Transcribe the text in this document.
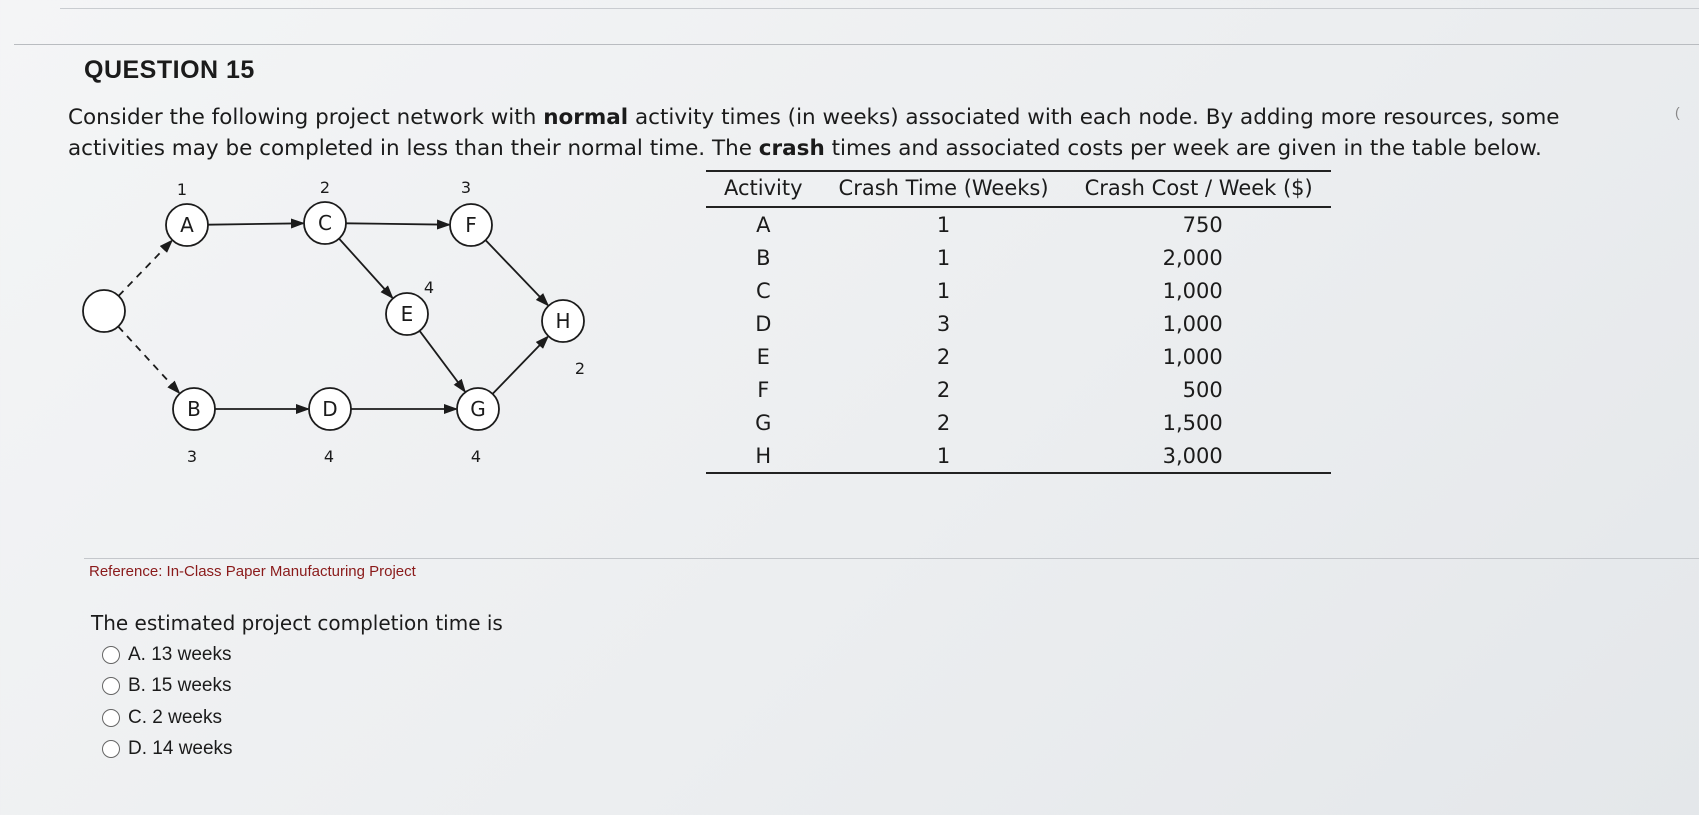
QUESTION 15
Consider the following project network with normal activity times (in weeks) associated with each node. By adding more resources, some activities may be completed in less than their normal time. The crash times and associated costs per week are given in the table below.
(
A
1
B
3
C
2
D
4
E
4
F
3
G
4
H
2
Activity	Crash Time (Weeks)	Crash Cost / Week ($)
A	1	750
B	1	2,000
C	1	1,000
D	3	1,000
E	2	1,000
F	2	500
G	2	1,500
H	1	3,000
Reference: In-Class Paper Manufacturing Project
The estimated project completion time is
A. 13 weeks
B. 15 weeks
C. 2 weeks
D. 14 weeks
